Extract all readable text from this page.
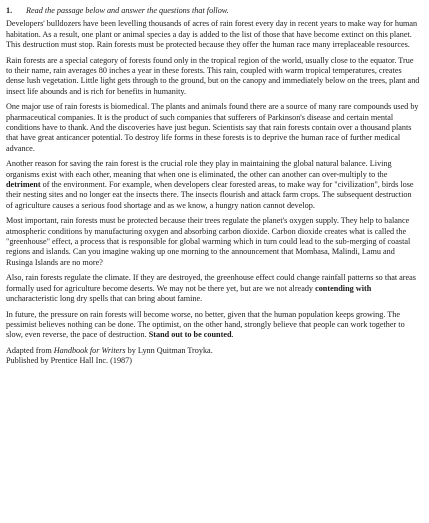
1.	Read the passage below and answer the questions that follow.

Developers' bulldozers have been levelling thousands of acres of rain forest every day in recent years to make way for human habitation. As a result, one plant or animal species a day is added to the list of those that have become extinct on this planet. This destruction must stop. Rain forests must be protected because they offer the human race many irreplaceable resources.

Rain forests are a special category of forests found only in the tropical region of the world, usually close to the equator. True to their name, rain averages 80 inches a year in these forests. This rain, coupled with warm tropical temperatures, creates dense lush vegetation. Little light gets through to the ground, but on the canopy and immediately below on the trees, plant and insect life abounds and is rich for benefits in humanity.

One major use of rain forests is biomedical. The plants and animals found there are a source of many rare compounds used by pharmaceutical companies. It is the product of such companies that sufferers of Parkinson's disease and certain mental conditions have to thank. And the discoveries have just begun. Scientists say that rain forests contain over a thousand plants that have great anticancer potential. To destroy life forms in these forests is to deprive the human race of further medical advance.

Another reason for saving the rain forest is the crucial role they play in maintaining the global natural balance. Living organisms exist with each other, meaning that when one is eliminated, the other can another can over-multiply to the detriment of the environment. For example, when developers clear forested areas, to make way for "civilization", birds lose their nesting sites and no longer eat the insects there. The insects flourish and attack farm crops. The subsequent destruction of agriculture causes a serious food shortage and as we know, a hungry nation cannot develop.

Most important, rain forests must be protected because their trees regulate the planet's oxygen supply. They help to balance atmospheric conditions by manufacturing oxygen and absorbing carbon dioxide. Carbon dioxide creates what is called the "greenhouse" effect, a process that is responsible for global warming which in turn could lead to the sub-merging of coastal regions and islands. Can you imagine waking up one morning to the announcement that Mombasa, Malindi, Lamu and Rusinga Islands are no more?

Also, rain forests regulate the climate. If they are destroyed, the greenhouse effect could change rainfall patterns so that areas formally used for agriculture become deserts. We may not be there yet, but are we not already contending with uncharacteristic long dry spells that can bring about famine.

In future, the pressure on rain forests will become worse, no better, given that the human population keeps growing. The pessimist believes nothing can be done. The optimist, on the other hand, strongly believe that people can work together to slow, even reverse, the pace of destruction. Stand out to be counted.

Adapted from Handbook for Writers by Lynn Quitman Troyka.
Published by Prentice Hall Inc. (1987)
